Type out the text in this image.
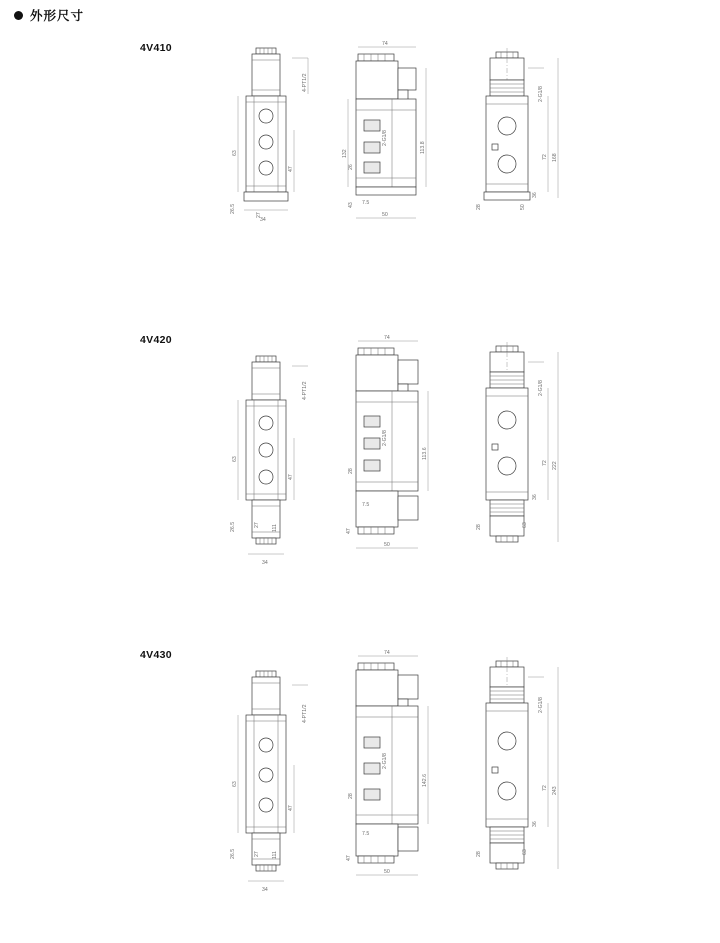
外形尺寸
4V410
4-PT1/2
63
47
26.5
27
34
74
2-G1/8
132
26
113.8
43 7.5
50
2-G1/8
168
72
36
28	50
4V420
4-PT1/2
63
47
26.5	27 111
34
74
2-G1/8
28
113.6
7.5
47
50
2-G1/8
222
72
36
28	63
4V430
4-PT1/2
63
47
26.5	27 111
34
74
2-G1/8
28
142.6
7.5
47
50
2-G1/8
243
72
36
28	63
